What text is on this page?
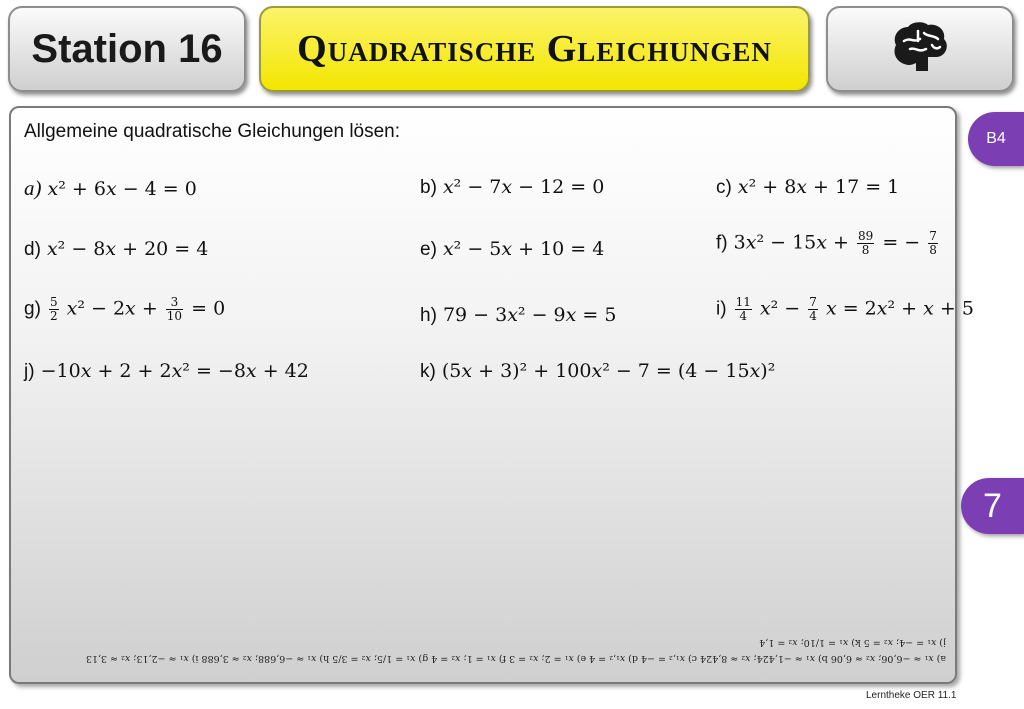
Station 16 Quadratische Gleichungen
Allgemeine quadratische Gleichungen lösen:
a) 𝑥² + 6𝑥 − 4 = 0	b) 𝑥² − 7𝑥 − 12 = 0	c) 𝑥² + 8𝑥 + 17 = 1
d) 𝑥² − 8𝑥 + 20 = 4	e) 𝑥² − 5𝑥 + 10 = 4	f) 3𝑥² − 15𝑥 + $\frac{89}{8}$ = − $\frac{7}{8}$
$g) \frac{5}{2}$ 𝑥² − 2𝑥 + $\frac{3}{10} = 0$	h) 79 − 3𝑥² − 9𝑥 = 5	$i) \frac{11}{4}$ 𝑥² − $\frac{7}{4}$ 𝑥 = 2𝑥² + 𝑥 + 5
j) −10𝑥 + 2 + 2𝑥² = −8𝑥 + 42	k) (5𝑥 + 3)² + 100𝑥² − 7 = (4 − 15𝑥)²
B4
7
a) 𝑥₁ ≈ −6,06; 𝑥₂ ≈ 6,06 b) 𝑥₁ ≈ −1,424; 𝑥₂ ≈ 8,424 c) 𝑥₁,₂ = −4 d) 𝑥₁,₂ = 4 e) 𝑥₁ = 2; 𝑥₂ = 3 f) 𝑥₁ = 1; 𝑥₂ = 4 g) 𝑥₁ = 1/5; 𝑥₂ = 3/5 h) 𝑥₁ ≈ −6,688; 𝑥₂ ≈ 3,688 i) 𝑥₁ ≈ −2,13; 𝑥₂ ≈ 3,13
j) 𝑥₁ = −4; 𝑥₂ = 5 k) 𝑥₁ = 1/10; 𝑥₂ = 1,4
Lerntheke OER 11.1
